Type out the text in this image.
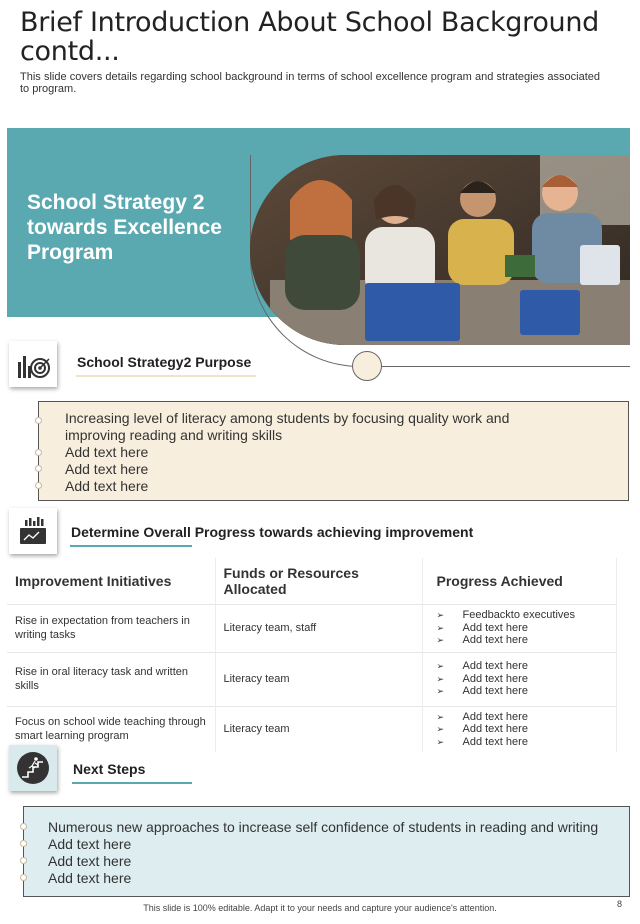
Brief Introduction About School Background contd...

This slide covers details regarding school background in terms of school excellence program and strategies associated to program.

School Strategy 2 towards Excellence Program
School Strategy2 Purpose
Increasing level of literacy among students by focusing quality work and
improving reading and writing skills
Add text here
Add text here
Add text here
Determine Overall Progress towards achieving improvement
Improvement Initiatives	Funds or Resources Allocated	Progress Achieved
Rise in expectation from teachers in writing tasks	Literacy team, staff	➢ Feedbackto executives
➢ Add text here
➢ Add text here

Rise in oral literacy task and written skills	Literacy team	➢ Add text here
➢ Add text here
➢ Add text here

Focus on school wide teaching through smart learning program	Literacy team	➢ Add text here
➢ Add text here
➢ Add text here
Next Steps
Numerous new approaches to increase self confidence of students in reading and writing
Add text here
Add text here
Add text here
This slide is 100% editable. Adapt it to your needs and capture your audience's attention.	8
